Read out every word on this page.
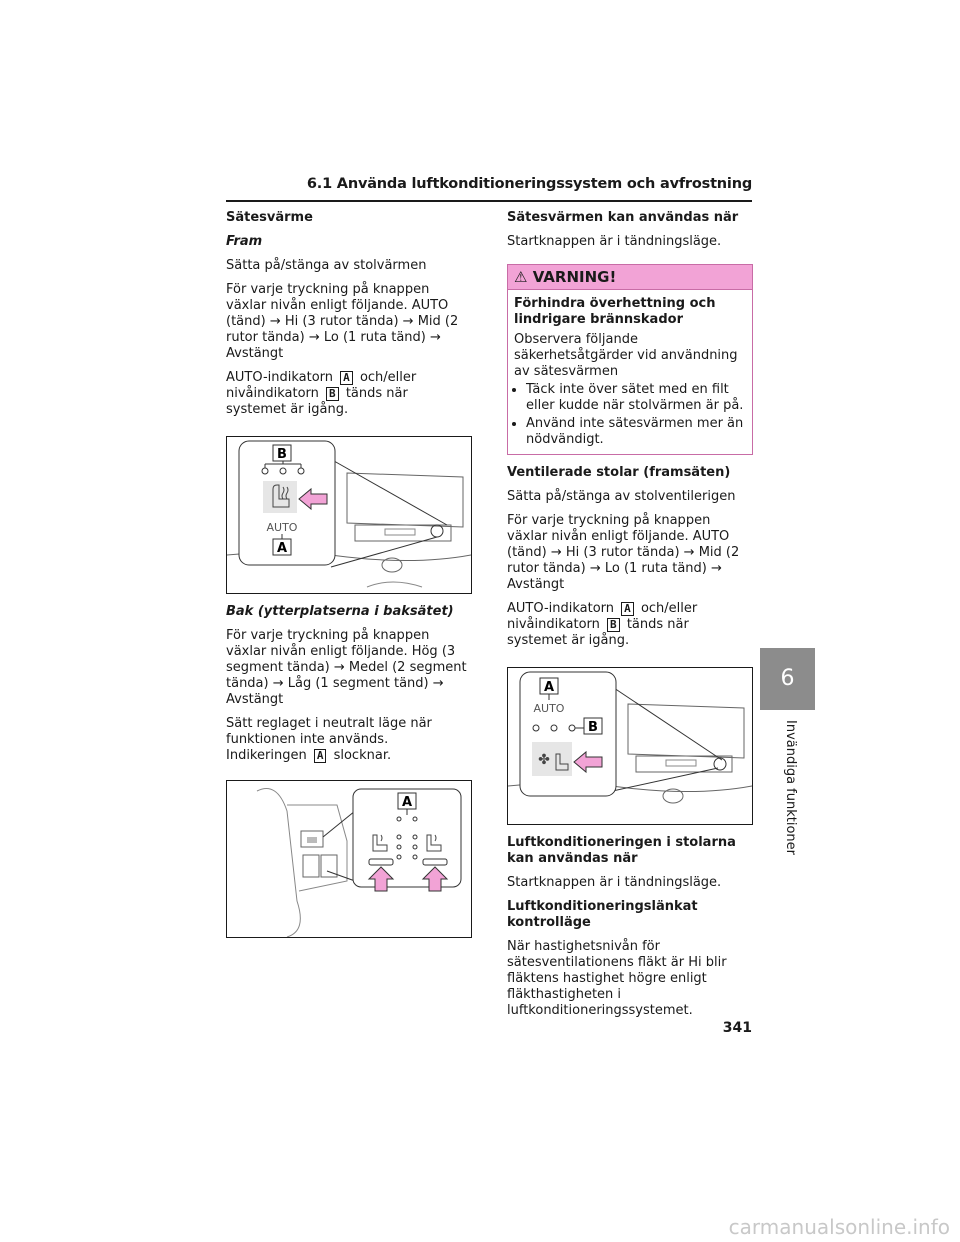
6.1 Använda luftkonditioneringssystem och avfrostning
Sätesvärme
Fram

Sätta på/stänga av stolvärmen

För varje tryckning på knappen växlar nivån enligt följande. AUTO (tänd) → Hi (3 rutor tända) → Mid (2 rutor tända) → Lo (1 ruta tänd) → Avstängt

AUTO-indikatorn A och/eller nivåindikatorn B tänds när systemet är igång.

B
AUTO
A
Bak (ytterplatserna i baksätet)

För varje tryckning på knappen växlar nivån enligt följande. Hög (3 segment tända) → Medel (2 segment tända) → Låg (1 segment tänd) → Avstängt

Sätt reglaget i neutralt läge när funktionen inte används. Indikeringen A slocknar.

A
Sätesvärmen kan användas när

Startknappen är i tändningsläge.

⚠ VARNING!
Förhindra överhettning och lindrigare brännskador
Observera följande säkerhetsåtgärder vid användning av sätesvärmen
• Täck inte över sätet med en filt eller kudde när stolvärmen är på.
• Använd inte sätesvärmen mer än nödvändigt.
Ventilerade stolar (framsäten)

Sätta på/stänga av stolventilerigen

För varje tryckning på knappen växlar nivån enligt följande. AUTO (tänd) → Hi (3 rutor tända) → Mid (2 rutor tända) → Lo (1 ruta tänd) → Avstängt

AUTO-indikatorn A och/eller nivåindikatorn B tänds när systemet är igång.

A
AUTO
B
✤
Luftkonditioneringen i stolarna kan användas när

Startknappen är i tändningsläge.

Luftkonditioneringslänkat kontrolläge

När hastighetsnivån för sätesventilationens fläkt är Hi blir fläktens hastighet högre enligt fläkthastigheten i luftkonditioneringssystemet.

6
Invändiga funktioner
341
carmanualsonline.info
